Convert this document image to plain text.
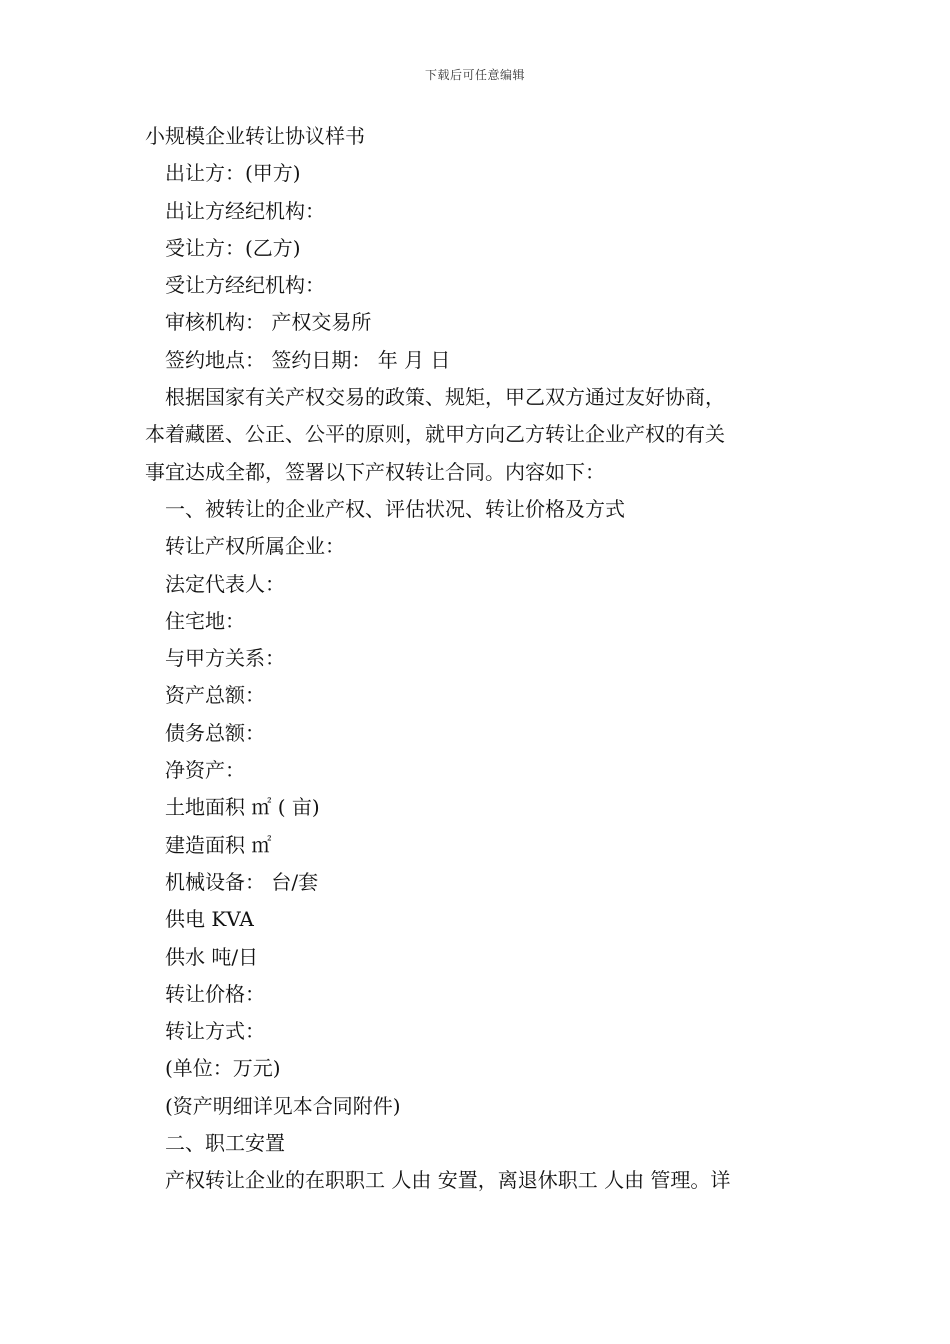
下载后可任意编辑
小规模企业转让协议样书
出让方：(甲方)
出让方经纪机构：
受让方：(乙方)
受让方经纪机构：
审核机构： 产权交易所
签约地点： 签约日期： 年 月 日
根据国家有关产权交易的政策、规矩，甲乙双方通过友好协商，
本着藏匿、公正、公平的原则，就甲方向乙方转让企业产权的有关
事宜达成全都，签署以下产权转让合同。内容如下：
一、被转让的企业产权、评估状况、转让价格及方式
转让产权所属企业：
法定代表人：
住宅地：
与甲方关系：
资产总额：
债务总额：
净资产：
土地面积 ㎡ ( 亩)
建造面积 ㎡
机械设备： 台/套
供电 KVA
供水 吨/日
转让价格：
转让方式：
(单位：万元)
(资产明细详见本合同附件)
二、职工安置
产权转让企业的在职职工 人由 安置，离退休职工 人由 管理。详
